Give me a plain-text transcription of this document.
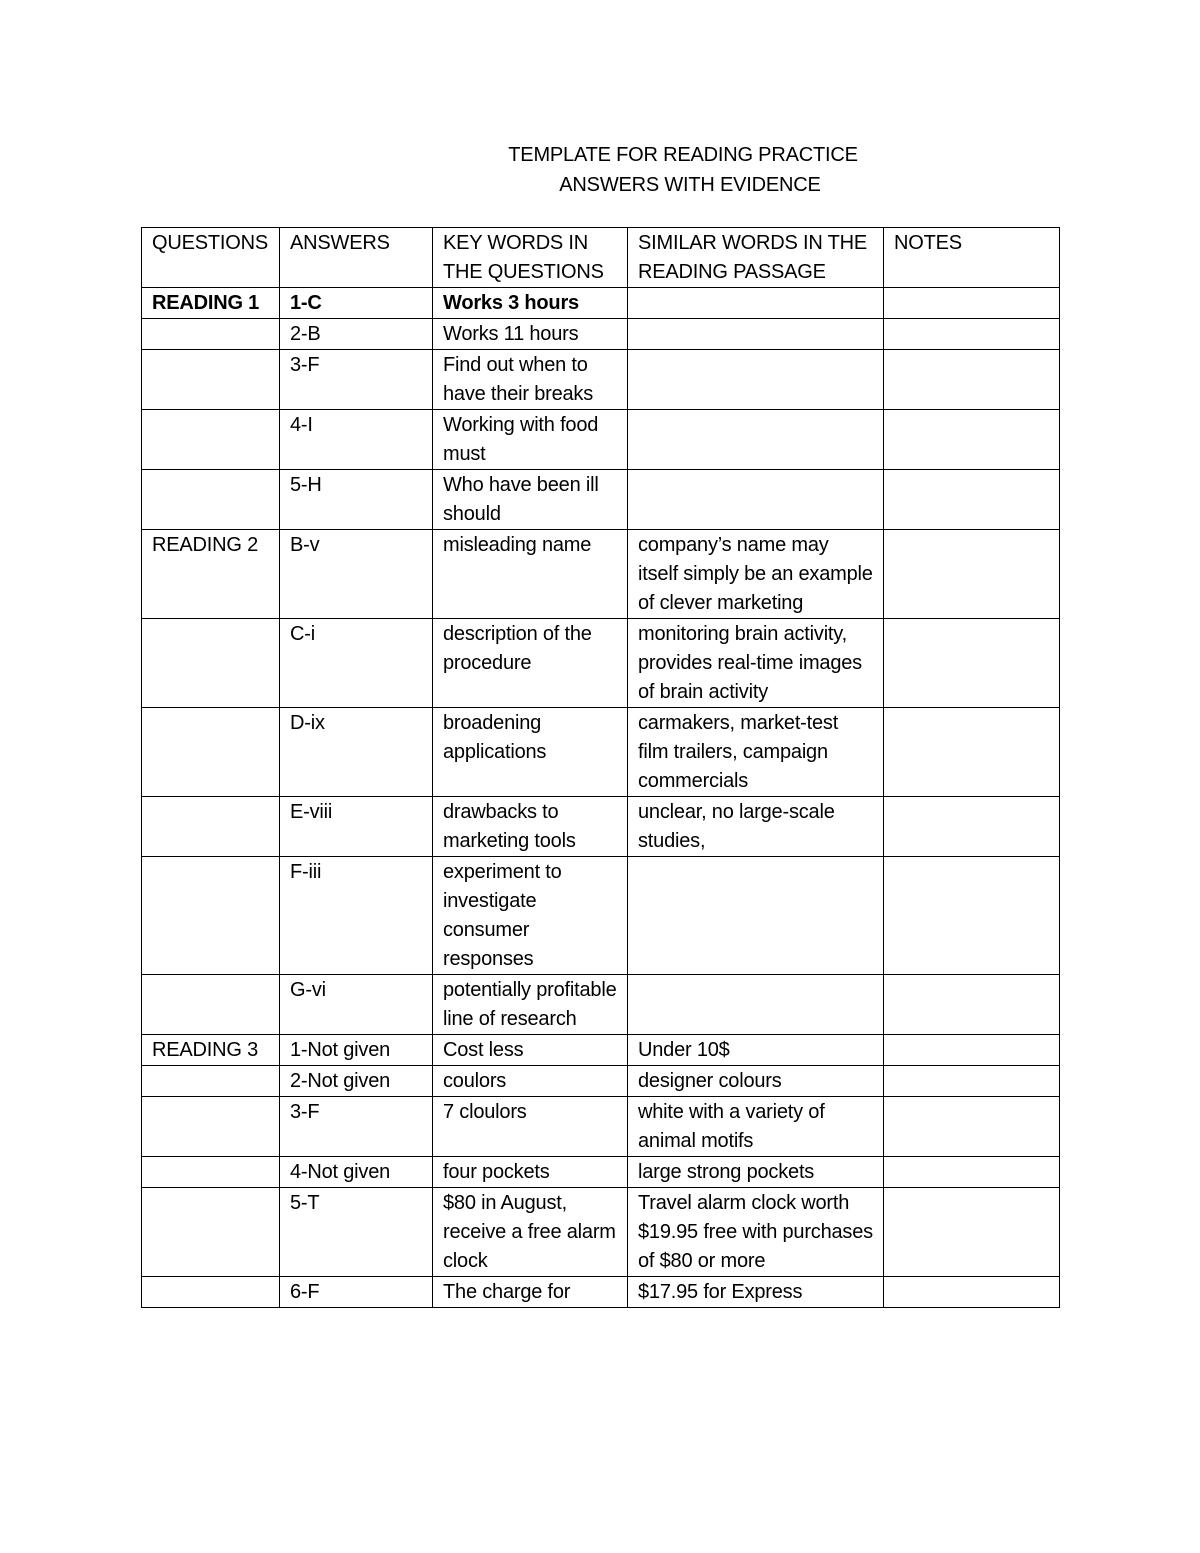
TEMPLATE FOR READING PRACTICE
ANSWERS WITH EVIDENCE
QUESTIONS	ANSWERS	KEY WORDS IN THE QUESTIONS	SIMILAR WORDS IN THE READING PASSAGE	NOTES
READING 1	1-C	Works 3 hours		
	2-B	Works 11 hours		
	3-F	Find out when to have their breaks		
	4-I	Working with food must		
	5-H	Who have been ill should		
READING 2	B-v	misleading name	company’s name may itself simply be an example of clever marketing	
	C-i	description of the procedure	monitoring brain activity, provides real-time images of brain activity	
	D-ix	broadening applications	carmakers, market-test film trailers, campaign commercials	
	E-viii	drawbacks to marketing tools	unclear, no large-scale studies,	
	F-iii	experiment to investigate consumer responses		
	G-vi	potentially profitable line of research		
READING 3	1-Not given	Cost less	Under 10$	
	2-Not given	coulors	designer colours	
	3-F	7 cloulors	white with a variety of animal motifs	
	4-Not given	four pockets	large strong pockets	
	5-T	$80 in August, receive a free alarm clock	Travel alarm clock worth $19.95 free with purchases of $80 or more	
	6-F	The charge for	$17.95 for Express	
